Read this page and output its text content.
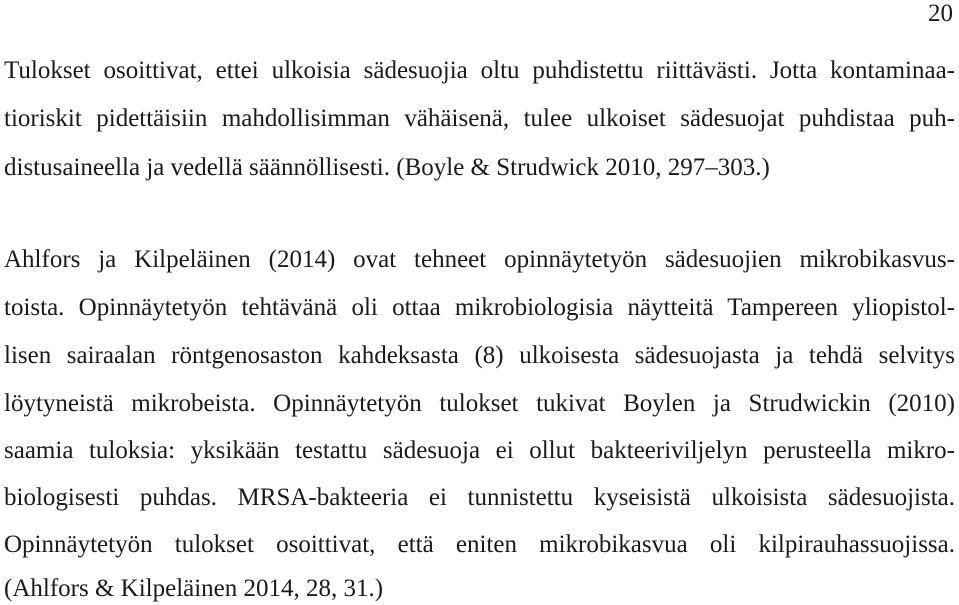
20
Tulokset osoittivat, ettei ulkoisia sädesuojia oltu puhdistettu riittävästi. Jotta kontaminaa-
tioriskit pidettäisiin mahdollisimman vähäisenä, tulee ulkoiset sädesuojat puhdistaa puh-
distusaineella ja vedellä säännöllisesti. (Boyle & Strudwick 2010, 297–303.)
Ahlfors ja Kilpeläinen (2014) ovat tehneet opinnäytetyön sädesuojien mikrobikasvus-
toista. Opinnäytetyön tehtävänä oli ottaa mikrobiologisia näytteitä Tampereen yliopistol-
lisen sairaalan röntgenosaston kahdeksasta (8) ulkoisesta sädesuojasta ja tehdä selvitys
löytyneistä mikrobeista. Opinnäytetyön tulokset tukivat Boylen ja Strudwickin (2010)
saamia tuloksia: yksikään testattu sädesuoja ei ollut bakteeriviljelyn perusteella mikro-
biologisesti puhdas. MRSA-bakteeria ei tunnistettu kyseisistä ulkoisista sädesuojista.
Opinnäytetyön tulokset osoittivat, että eniten mikrobikasvua oli kilpirauhassuojissa.
(Ahlfors & Kilpeläinen 2014, 28, 31.)
